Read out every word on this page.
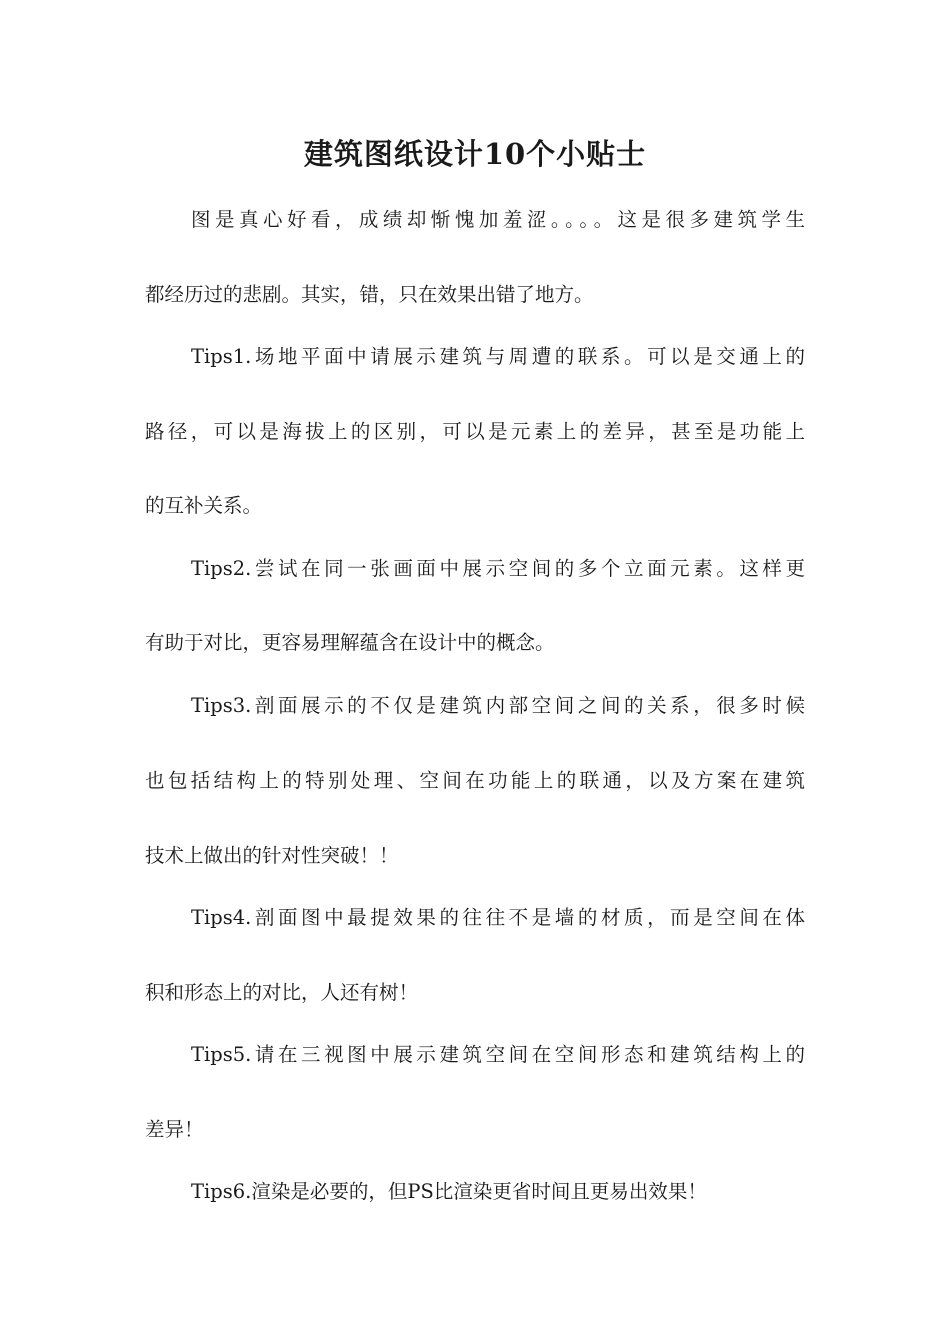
建筑图纸设计10个小贴士

图是真心好看，成绩却惭愧加羞涩。。。。这是很多建筑学生

都经历过的悲剧。其实，错，只在效果出错了地方。

Tips1.场地平面中请展示建筑与周遭的联系。可以是交通上的

路径，可以是海拔上的区别，可以是元素上的差异，甚至是功能上

的互补关系。

Tips2.尝试在同一张画面中展示空间的多个立面元素。这样更

有助于对比，更容易理解蕴含在设计中的概念。

Tips3.剖面展示的不仅是建筑内部空间之间的关系，很多时候

也包括结构上的特别处理、空间在功能上的联通，以及方案在建筑

技术上做出的针对性突破！！

Tips4.剖面图中最提效果的往往不是墙的材质，而是空间在体

积和形态上的对比，人还有树！

Tips5.请在三视图中展示建筑空间在空间形态和建筑结构上的

差异！

Tips6.渲染是必要的，但PS比渲染更省时间且更易出效果！
